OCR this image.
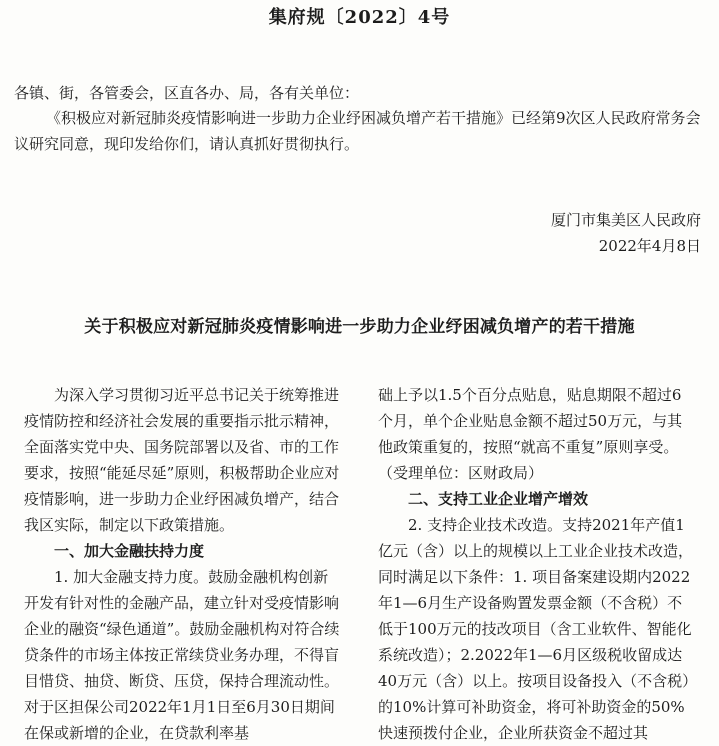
集府规〔2022〕4号
各镇、街，各管委会，区直各办、局，各有关单位：
《积极应对新冠肺炎疫情影响进一步助力企业纾困减负增产若干措施》已经第9次区人民政府常务会议研究同意，现印发给你们，请认真抓好贯彻执行。
厦门市集美区人民政府
2022年4月8日
关于积极应对新冠肺炎疫情影响进一步助力企业纾困减负增产的若干措施

为深入学习贯彻习近平总书记关于统筹推进疫情防控和经济社会发展的重要指示批示精神，全面落实党中央、国务院部署以及省、市的工作要求，按照“能延尽延”原则，积极帮助企业应对疫情影响，进一步助力企业纾困减负增产，结合我区实际，制定以下政策措施。

一、加大金融扶持力度

1. 加大金融支持力度。鼓励金融机构创新开发有针对性的金融产品，建立针对受疫情影响企业的融资“绿色通道”。鼓励金融机构对符合续贷条件的市场主体按正常续贷业务办理，不得盲目惜贷、抽贷、断贷、压贷，保持合理流动性。对于区担保公司2022年1月1日至6月30日期间在保或新增的企业，在贷款利率基

础上予以1.5个百分点贴息，贴息期限不超过6个月，单个企业贴息金额不超过50万元，与其他政策重复的，按照“就高不重复”原则享受。（受理单位：区财政局）

二、支持工业企业增产增效

2. 支持企业技术改造。支持2021年产值1亿元（含）以上的规模以上工业企业技术改造，同时满足以下条件：1. 项目备案建设期内2022年1—6月生产设备购置发票金额（不含税）不低于100万元的技改项目（含工业软件、智能化系统改造）；2.2022年1—6月区级税收留成达40万元（含）以上。按项目设备投入（不含税）的10%计算可补助资金，将可补助资金的50%快速预拨付企业，企业所获资金不超过其
